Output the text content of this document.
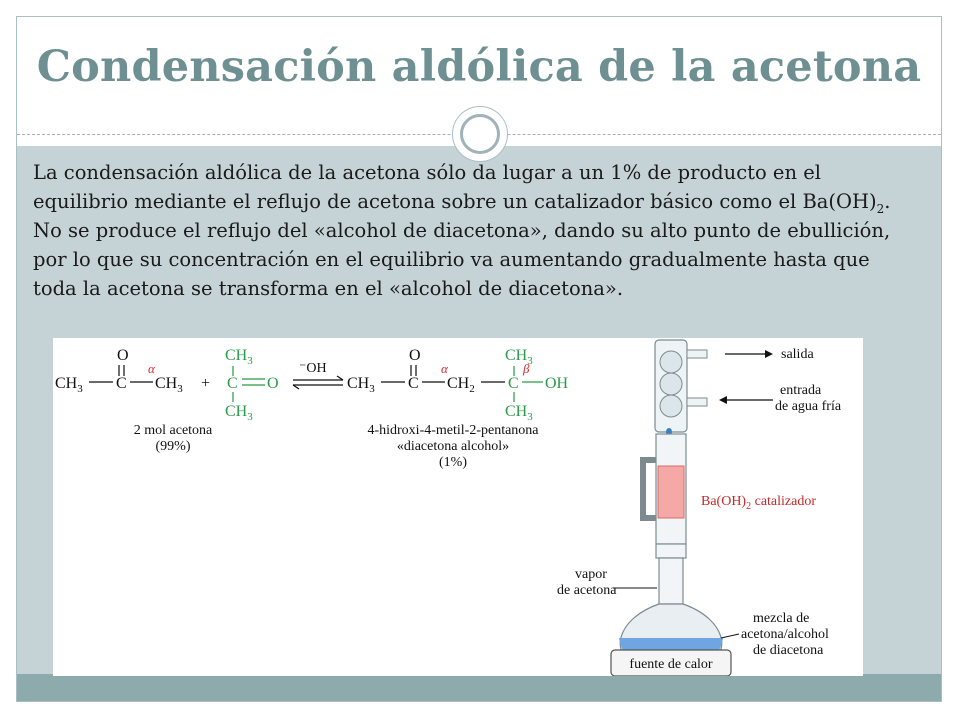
Condensación aldólica de la acetona
La condensación aldólica de la acetona sólo da lugar a un 1% de producto en el equilibrio mediante el reflujo de acetona sobre un catalizador básico como el $Ba(OH)_2$. No se produce el reflujo del «alcohol de diacetona», dando su alto punto de ebullición, por lo que su concentración en el equilibrio va aumentando gradualmente hasta que toda la acetona se transforma en el «alcohol de diacetona».
O
$CH_3$ C
α
$CH_3$ +
$CH_3$
C O
$CH_3$
⁻OH
O
$CH_3$ C
α
$CH_2$
$CH_3$
β
C OH
$CH_3$
2 mol acetona
(99%)
4-hidroxi-4-metil-2-pentanona
«diacetona alcohol»
(1%)
salida
entrada
de agua fría
$Ba(OH)_2$ catalizador
fuente de calor
vapor
de acetona
mezcla de
acetona/alcohol
de diacetona
